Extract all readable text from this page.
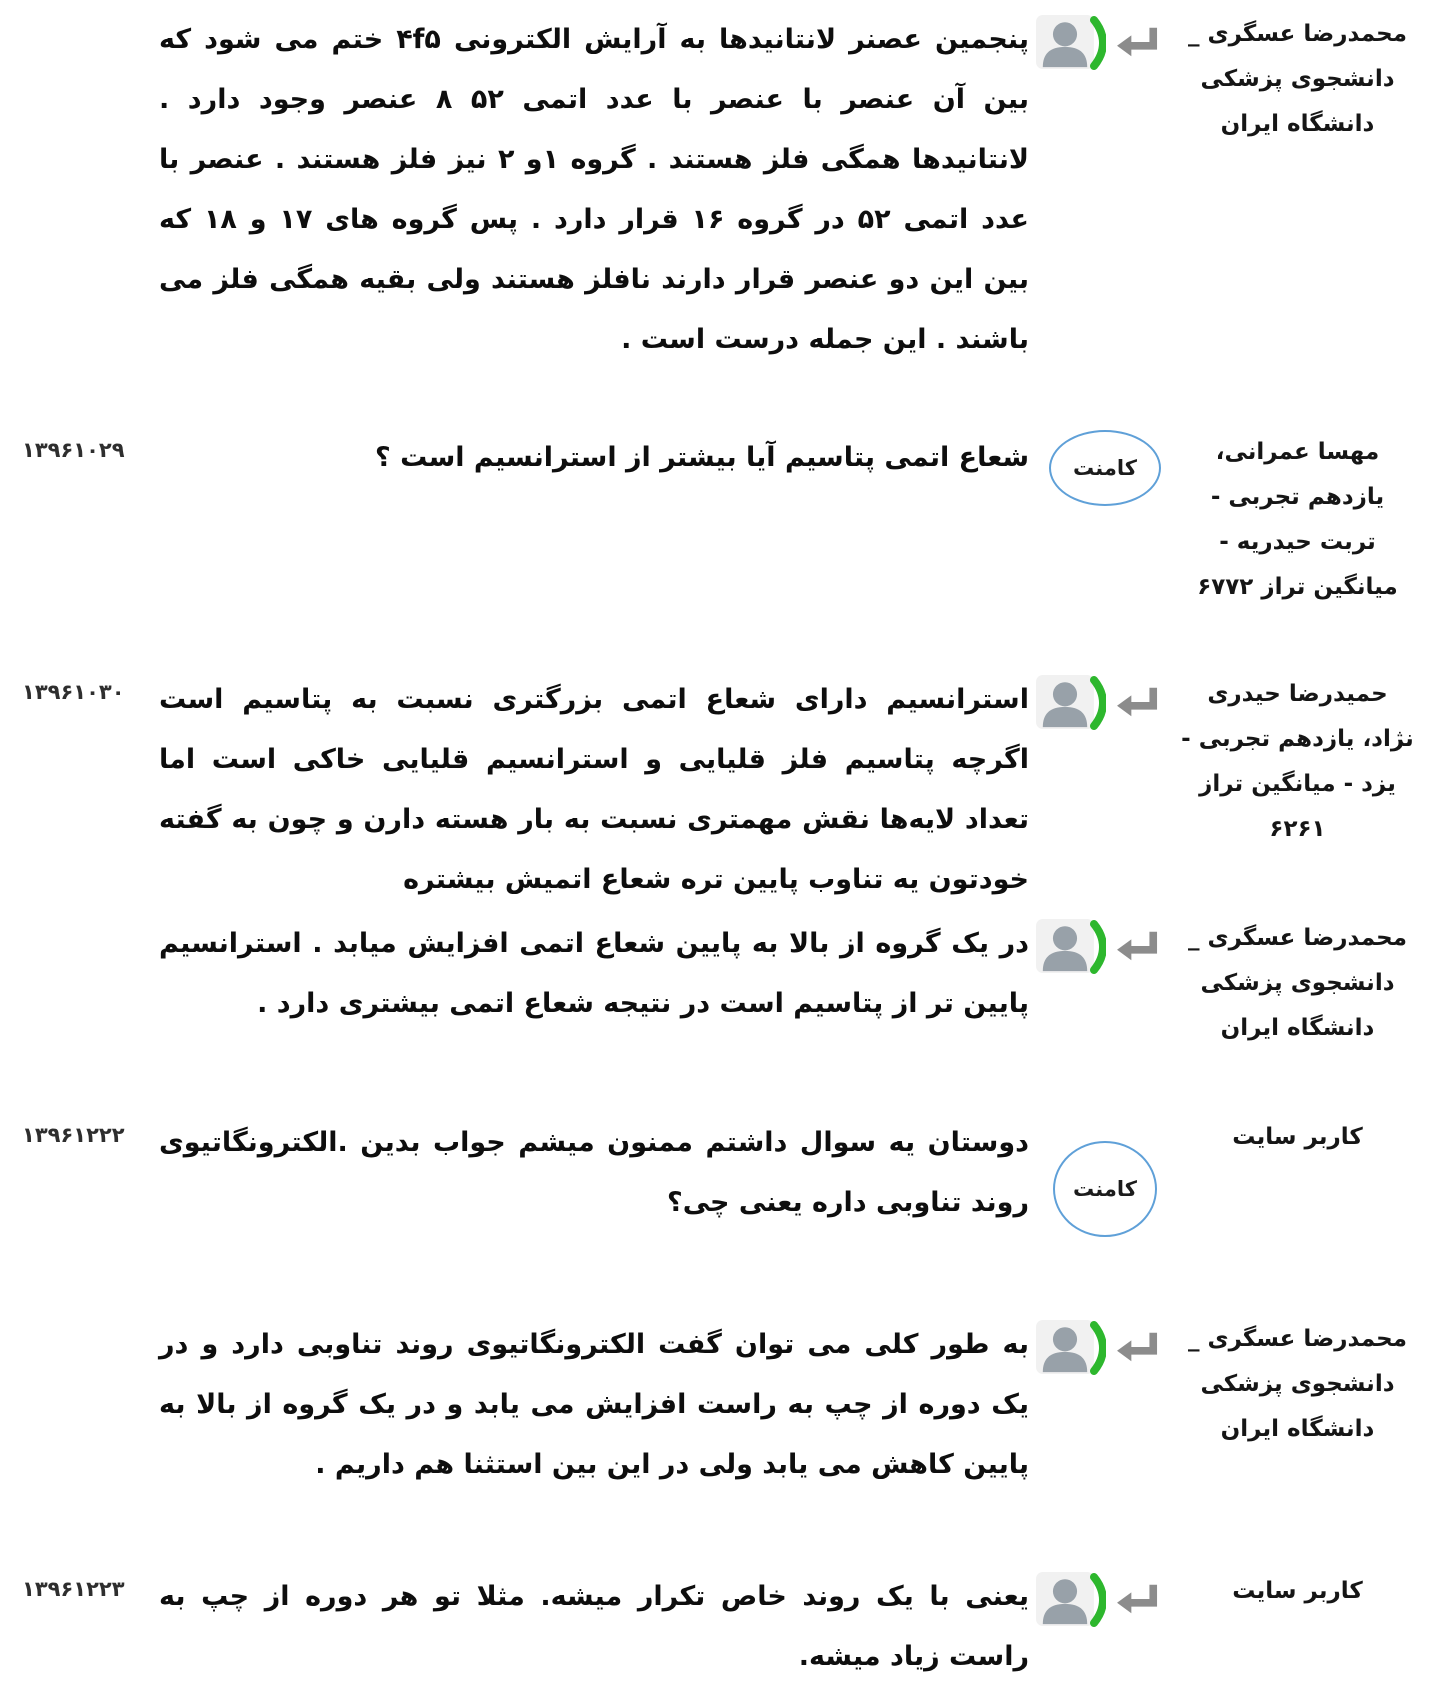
محمدرضا عسگری _ دانشجوی پزشکی دانشگاه ایران
پنجمین عصنر لانتانیدها به آرایش الکترونی ۴f۵ ختم می شود که بین آن عنصر با عنصر با عدد اتمی ۵۲ ۸ عنصر وجود دارد . لانتانیدها همگی فلز هستند . گروه ۱و ۲ نیز فلز هستند . عنصر با عدد اتمی ۵۲ در گروه ۱۶ قرار دارد . پس گروه های ۱۷ و ۱۸ که بین این دو عنصر قرار دارند نافلز هستند ولی بقیه همگی فلز می باشند . این جمله درست است .
مهسا عمرانی، یازدهم تجربی - تربت حیدریه - میانگین تراز ۶۷۷۲
کامنت
شعاع اتمی پتاسیم آیا بیشتر از استرانسیم است ؟
۱۳۹۶۱۰۲۹
حمیدرضا حیدری نژاد، یازدهم تجربی - یزد - میانگین تراز ۶۲۶۱
استرانسیم دارای شعاع اتمی بزرگتری نسبت به پتاسیم است اگرچه پتاسیم فلز قلیایی و استرانسیم قلیایی خاکی است اما تعداد لایه‌ها نقش مهمتری نسبت به بار هسته دارن و چون به گفته خودتون یه تناوب پایین تره شعاع اتمیش بیشتره
۱۳۹۶۱۰۳۰
محمدرضا عسگری _ دانشجوی پزشکی دانشگاه ایران
در یک گروه از بالا به پایین شعاع اتمی افزایش میابد . استرانسیم پایین تر از پتاسیم است در نتیجه شعاع اتمی بیشتری دارد .
کاربر سایت
کامنت
دوستان یه سوال داشتم ممنون میشم جواب بدین .الکترونگاتیوی روند تناوبی داره یعنی چی؟
۱۳۹۶۱۲۲۲
محمدرضا عسگری _ دانشجوی پزشکی دانشگاه ایران
به طور کلی می توان گفت الکترونگاتیوی روند تناوبی دارد و در یک دوره از چپ به راست افزایش می یابد و در یک گروه از بالا به پایین کاهش می یابد ولی در این بین استثنا هم داریم .
کاربر سایت
یعنی با یک روند خاص تکرار میشه. مثلا تو هر دوره از چپ به راست زیاد میشه.
۱۳۹۶۱۲۲۳
